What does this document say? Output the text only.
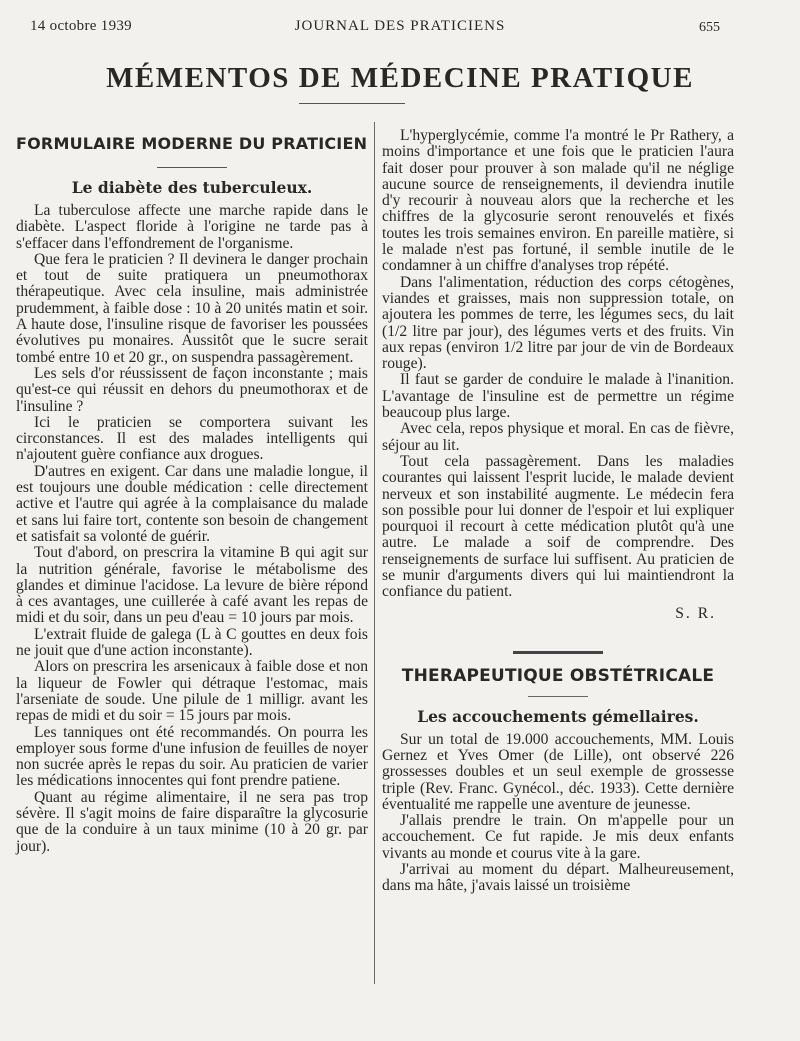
14 octobre 1939	JOURNAL DES PRATICIENS	655
MÉMENTOS DE MÉDECINE PRATIQUE
FORMULAIRE MODERNE DU PRATICIEN
Le diabète des tuberculeux.

La tuberculose affecte une marche rapide dans le diabète. L'aspect floride à l'origine ne tarde pas à s'effacer dans l'effondrement de l'organisme.

Que fera le praticien ? Il devinera le danger prochain et tout de suite pratiquera un pneumothorax thérapeutique. Avec cela insuline, mais administrée prudemment, à faible dose : 10 à 20 unités matin et soir. A haute dose, l'insuline risque de favoriser les poussées évolutives pu monaires. Aussitôt que le sucre serait tombé entre 10 et 20 gr., on suspendra passagèrement.

Les sels d'or réussissent de façon inconstante ; mais qu'est-ce qui réussit en dehors du pneumothorax et de l'insuline ?

Ici le praticien se comportera suivant les circonstances. Il est des malades intelligents qui n'ajoutent guère confiance aux drogues.

D'autres en exigent. Car dans une maladie longue, il est toujours une double médication : celle directement active et l'autre qui agrée à la complaisance du malade et sans lui faire tort, contente son besoin de changement et satisfait sa volonté de guérir.

Tout d'abord, on prescrira la vitamine B qui agit sur la nutrition générale, favorise le métabolisme des glandes et diminue l'acidose. La levure de bière répond à ces avantages, une cuillerée à café avant les repas de midi et du soir, dans un peu d'eau = 10 jours par mois.

L'extrait fluide de galega (L à C gouttes en deux fois ne jouit que d'une action inconstante).

Alors on prescrira les arsenicaux à faible dose et non la liqueur de Fowler qui détraque l'estomac, mais l'arseniate de soude. Une pilule de 1 milligr. avant les repas de midi et du soir = 15 jours par mois.

Les tanniques ont été recommandés. On pourra les employer sous forme d'une infusion de feuilles de noyer non sucrée après le repas du soir. Au praticien de varier les médications innocentes qui font prendre patiene.

Quant au régime alimentaire, il ne sera pas trop sévère. Il s'agit moins de faire disparaître la glycosurie que de la conduire à un taux minime (10 à 20 gr. par jour).

L'hyperglycémie, comme l'a montré le Pr Rathery, a moins d'importance et une fois que le praticien l'aura fait doser pour prouver à son malade qu'il ne néglige aucune source de renseignements, il deviendra inutile d'y recourir à nouveau alors que la recherche et les chiffres de la glycosurie seront renouvelés et fixés toutes les trois semaines environ. En pareille matière, si le malade n'est pas fortuné, il semble inutile de le condamner à un chiffre d'analyses trop répété.

Dans l'alimentation, réduction des corps cétogènes, viandes et graisses, mais non suppression totale, on ajoutera les pommes de terre, les légumes secs, du lait (1/2 litre par jour), des légumes verts et des fruits. Vin aux repas (environ 1/2 litre par jour de vin de Bordeaux rouge).

Il faut se garder de conduire le malade à l'inanition. L'avantage de l'insuline est de permettre un régime beaucoup plus large.

Avec cela, repos physique et moral. En cas de fièvre, séjour au lit.

Tout cela passagèrement. Dans les maladies courantes qui laissent l'esprit lucide, le malade devient nerveux et son instabilité augmente. Le médecin fera son possible pour lui donner de l'espoir et lui expliquer pourquoi il recourt à cette médication plutôt qu'à une autre. Le malade a soif de comprendre. Des renseignements de surface lui suffisent. Au praticien de se munir d'arguments divers qui lui maintiendront la confiance du patient.

S. R.
THERAPEUTIQUE OBSTÉTRICALE
Les accouchements gémellaires.

Sur un total de 19.000 accouchements, MM. Louis Gernez et Yves Omer (de Lille), ont observé 226 grossesses doubles et un seul exemple de grossesse triple (Rev. Franc. Gynécol., déc. 1933). Cette dernière éventualité me rappelle une aventure de jeunesse.

J'allais prendre le train. On m'appelle pour un accouchement. Ce fut rapide. Je mis deux enfants vivants au monde et courus vite à la gare.

J'arrivai au moment du départ. Malheureusement, dans ma hâte, j'avais laissé un troisième
